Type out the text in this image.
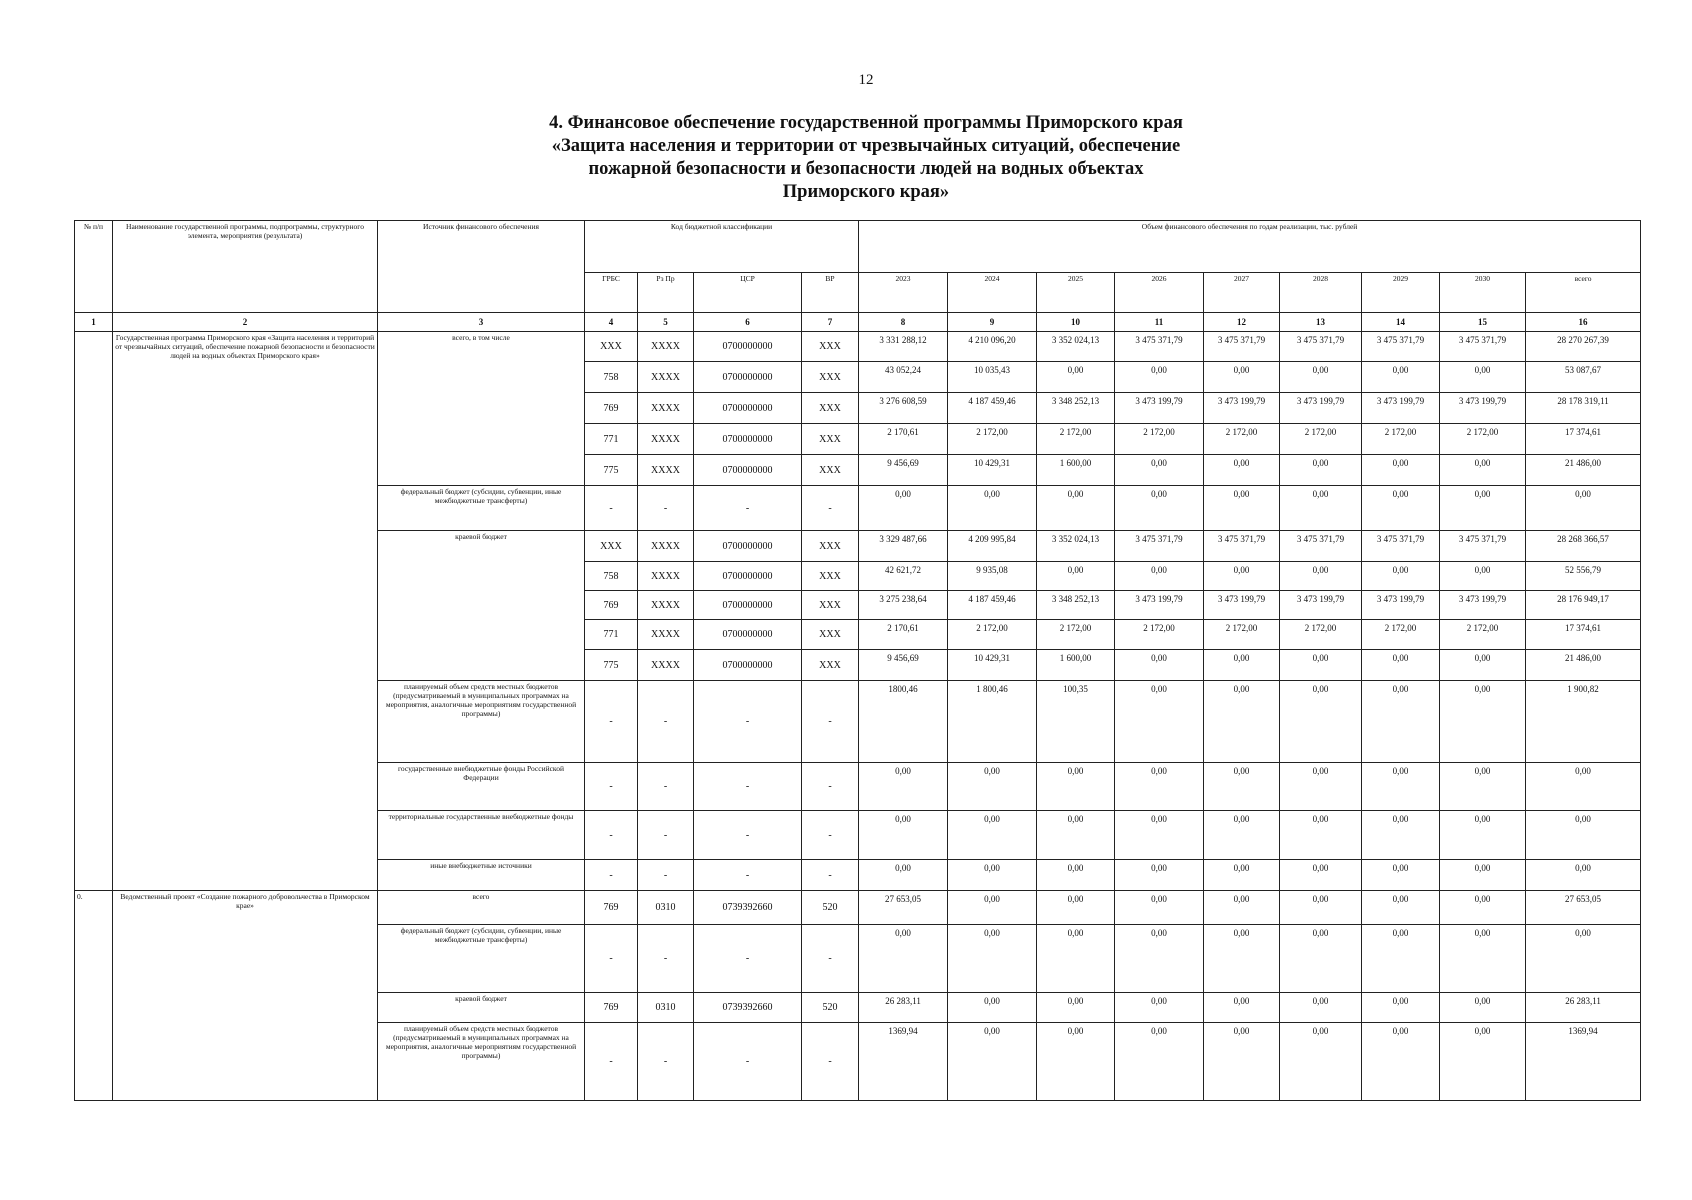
12
4. Финансовое обеспечение государственной программы Приморского края
«Защита населения и территории от чрезвычайных ситуаций, обеспечение
пожарной безопасности и безопасности людей на водных объектах
Приморского края»
№ п/п	Наименование государственной программы, подпрограммы, структурного элемента, мероприятия (результата)	Источник финансового обеспечения	Код бюджетной классификации				Объем финансового обеспечения по годам реализации, тыс. рублей								
			ГРБС	Рз Пр	ЦСР	ВР	2023	2024	2025	2026	2027	2028	2029	2030	всего
1	2	3	4	5	6	7	8	9	10	11	12	13	14	15	16
	Государственная программа Приморского края «Защита населения и территорий от чрезвычайных ситуаций, обеспечение пожарной безопасности и безопасности людей на водных объектах Приморского края»	всего, в том числе	ХХХ	ХХХХ	0700000000	ХХХ	3 331 288,12	4 210 096,20	3 352 024,13	3 475 371,79	3 475 371,79	3 475 371,79	3 475 371,79	3 475 371,79	28 270 267,39
			758	ХХХХ	0700000000	ХХХ	43 052,24	10 035,43	0,00	0,00	0,00	0,00	0,00	0,00	53 087,67
			769	ХХХХ	0700000000	ХХХ	3 276 608,59	4 187 459,46	3 348 252,13	3 473 199,79	3 473 199,79	3 473 199,79	3 473 199,79	3 473 199,79	28 178 319,11
			771	ХХХХ	0700000000	ХХХ	2 170,61	2 172,00	2 172,00	2 172,00	2 172,00	2 172,00	2 172,00	2 172,00	17 374,61
			775	ХХХХ	0700000000	ХХХ	9 456,69	10 429,31	1 600,00	0,00	0,00	0,00	0,00	0,00	21 486,00
		федеральный бюджет (субсидии, субвенции, иные межбюджетные трансферты)	-	-	-	-	0,00	0,00	0,00	0,00	0,00	0,00	0,00	0,00	0,00
		краевой бюджет	ХХХ	ХХХХ	0700000000	ХХХ	3 329 487,66	4 209 995,84	3 352 024,13	3 475 371,79	3 475 371,79	3 475 371,79	3 475 371,79	3 475 371,79	28 268 366,57
			758	ХХХХ	0700000000	ХХХ	42 621,72	9 935,08	0,00	0,00	0,00	0,00	0,00	0,00	52 556,79
			769	ХХХХ	0700000000	ХХХ	3 275 238,64	4 187 459,46	3 348 252,13	3 473 199,79	3 473 199,79	3 473 199,79	3 473 199,79	3 473 199,79	28 176 949,17
			771	ХХХХ	0700000000	ХХХ	2 170,61	2 172,00	2 172,00	2 172,00	2 172,00	2 172,00	2 172,00	2 172,00	17 374,61
			775	ХХХХ	0700000000	ХХХ	9 456,69	10 429,31	1 600,00	0,00	0,00	0,00	0,00	0,00	21 486,00
		планируемый объем средств местных бюджетов (предусматриваемый в муниципальных программах на мероприятия, аналогичные мероприятиям государственной программы)	-	-	-	-	1800,46	1 800,46	100,35	0,00	0,00	0,00	0,00	0,00	1 900,82
		государственные внебюджетные фонды Российской Федерации	-	-	-	-	0,00	0,00	0,00	0,00	0,00	0,00	0,00	0,00	0,00
		территориальные государственные внебюджетные фонды	-	-	-	-	0,00	0,00	0,00	0,00	0,00	0,00	0,00	0,00	0,00
		иные внебюджетные источники	-	-	-	-	0,00	0,00	0,00	0,00	0,00	0,00	0,00	0,00	0,00
0.	Ведомственный проект «Создание пожарного добровольчества в Приморском крае»	всего	769	0310	0739392660	520	27 653,05	0,00	0,00	0,00	0,00	0,00	0,00	0,00	27 653,05
		федеральный бюджет (субсидии, субвенции, иные межбюджетные трансферты)	-	-	-	-	0,00	0,00	0,00	0,00	0,00	0,00	0,00	0,00	0,00
		краевой бюджет	769	0310	0739392660	520	26 283,11	0,00	0,00	0,00	0,00	0,00	0,00	0,00	26 283,11
		планируемый объем средств местных бюджетов (предусматриваемый в муниципальных программах на мероприятия, аналогичные мероприятиям государственной программы)	-	-	-	-	1369,94	0,00	0,00	0,00	0,00	0,00	0,00	0,00	1369,94
